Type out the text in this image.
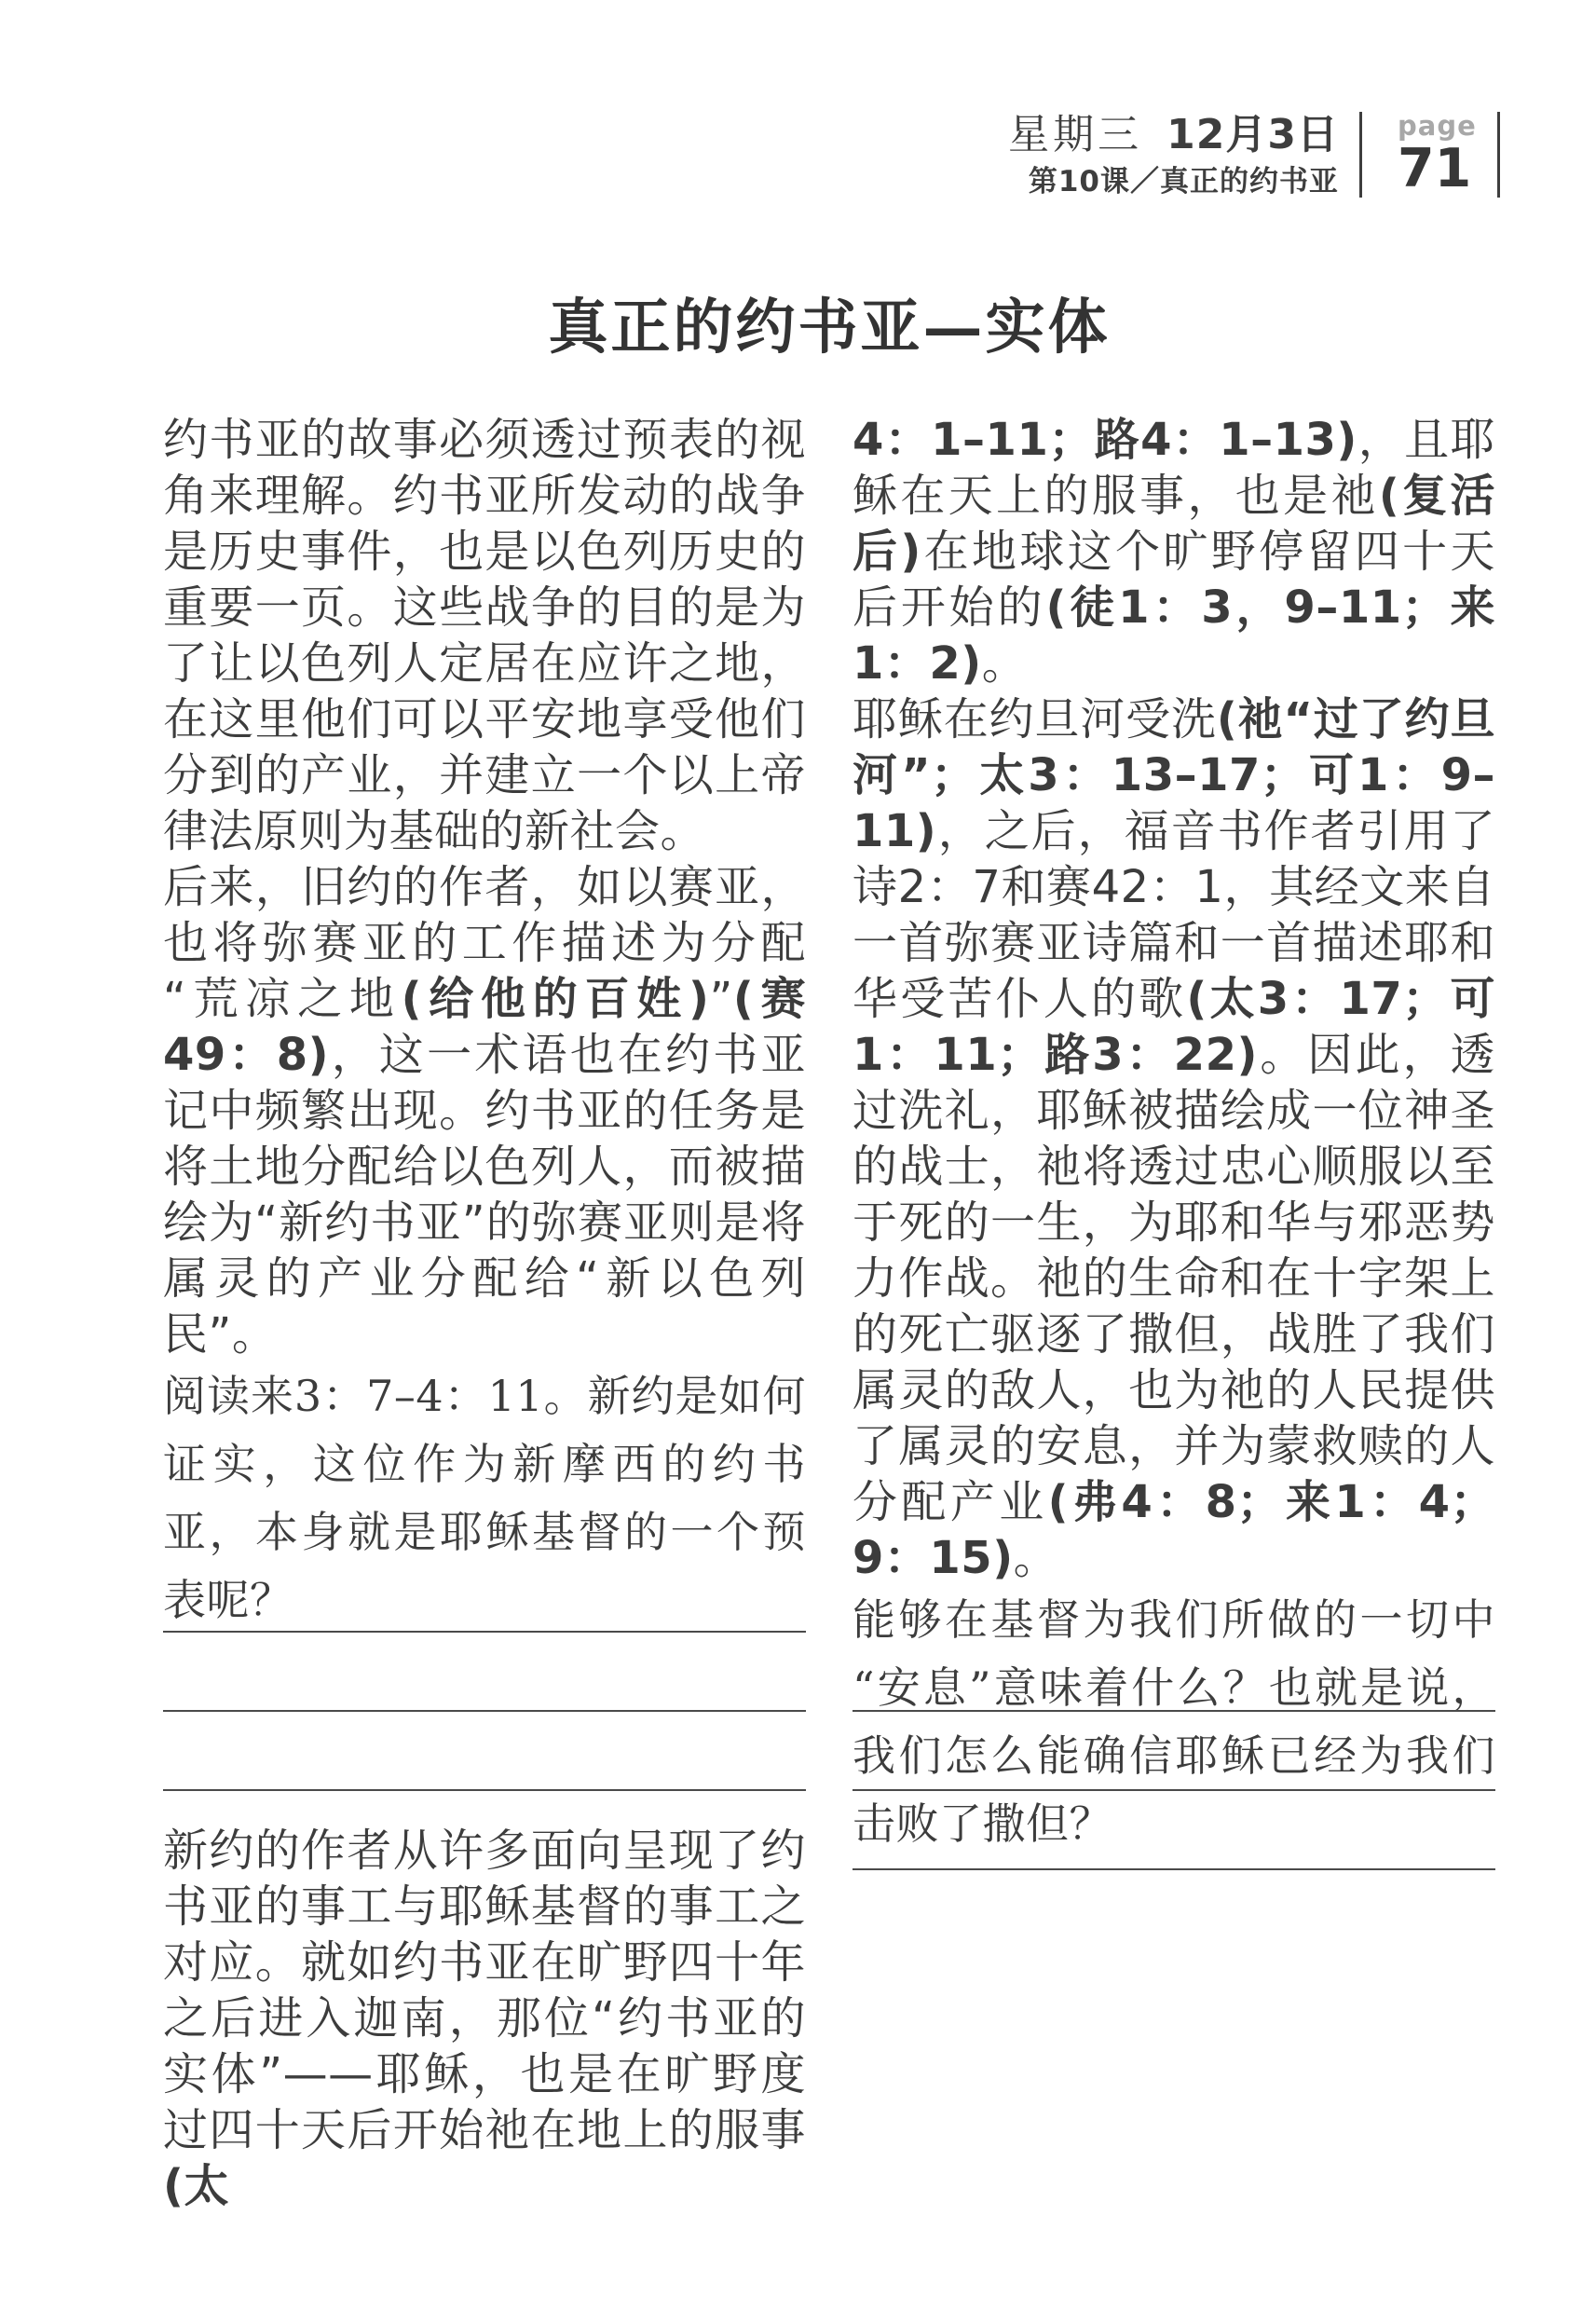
星期三 12月3日
第10课／真正的约书亚
page
71
真正的约书亚—实体

约书亚的故事必须透过预表的视角来理解。约书亚所发动的战争是历史事件，也是以色列历史的重要一页。这些战争的目的是为了让以色列人定居在应许之地，在这里他们可以平安地享受他们分到的产业，并建立一个以上帝律法原则为基础的新社会。

后来，旧约的作者，如以赛亚，也将弥赛亚的工作描述为分配“荒凉之地(给他的百姓)”(赛49：8)，这一术语也在约书亚记中频繁出现。约书亚的任务是将土地分配给以色列人，而被描绘为“新约书亚”的弥赛亚则是将属灵的产业分配给“新以色列民”。

阅读来3：7–4：11。新约是如何证实，这位作为新摩西的约书亚，本身就是耶稣基督的一个预表呢？

新约的作者从许多面向呈现了约书亚的事工与耶稣基督的事工之对应。就如约书亚在旷野四十年之后进入迦南，那位“约书亚的实体”——耶稣，也是在旷野度过四十天后开始祂在地上的服事(太

4：1–11；路4：1–13)，且耶稣在天上的服事，也是祂(复活后)在地球这个旷野停留四十天后开始的(徒1：3，9–11；来1：2)。

耶稣在约旦河受洗(祂“过了约旦河”；太3：13–17；可1：9–11)，之后，福音书作者引用了诗2：7和赛42：1，其经文来自一首弥赛亚诗篇和一首描述耶和华受苦仆人的歌(太3：17；可1：11；路3：22)。因此，透过洗礼，耶稣被描绘成一位神圣的战士，祂将透过忠心顺服以至于死的一生，为耶和华与邪恶势力作战。祂的生命和在十字架上的死亡驱逐了撒但，战胜了我们属灵的敌人，也为祂的人民提供了属灵的安息，并为蒙救赎的人分配产业(弗4：8；来1：4；9：15)。

能够在基督为我们所做的一切中“安息”意味着什么？也就是说，我们怎么能确信耶稣已经为我们击败了撒但？
